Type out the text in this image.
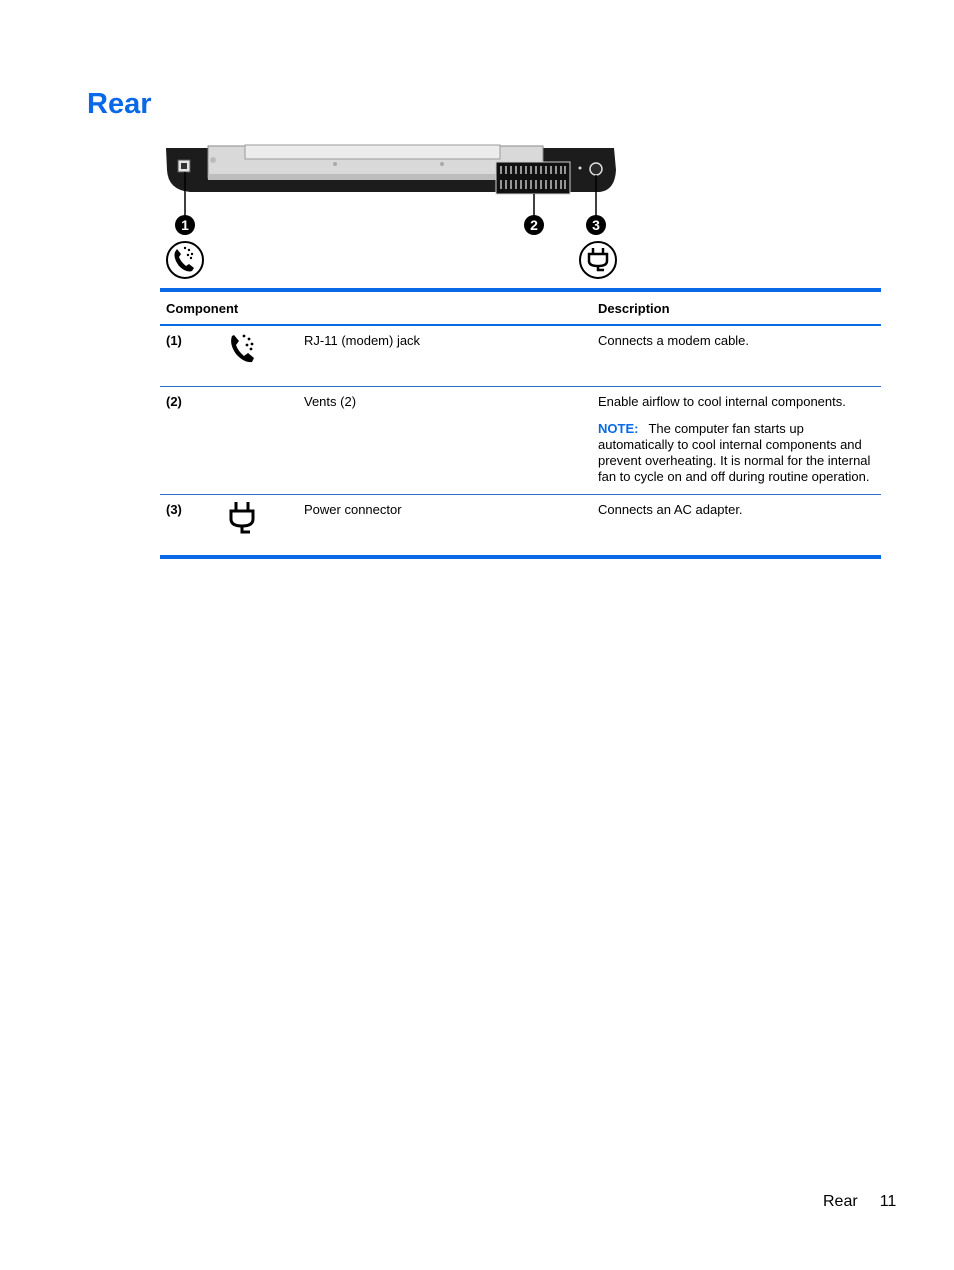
Rear
1	2	3
Component			Description
(1)		RJ-11 (modem) jack	Connects a modem cable.

(2)		Vents (2)	Enable airflow to cool internal components.

NOTE: The computer fan starts up automatically to cool internal components and prevent overheating. It is normal for the internal fan to cycle on and off during routine operation.

(3)		Power connector	Connects an AC adapter.

Rear 11
